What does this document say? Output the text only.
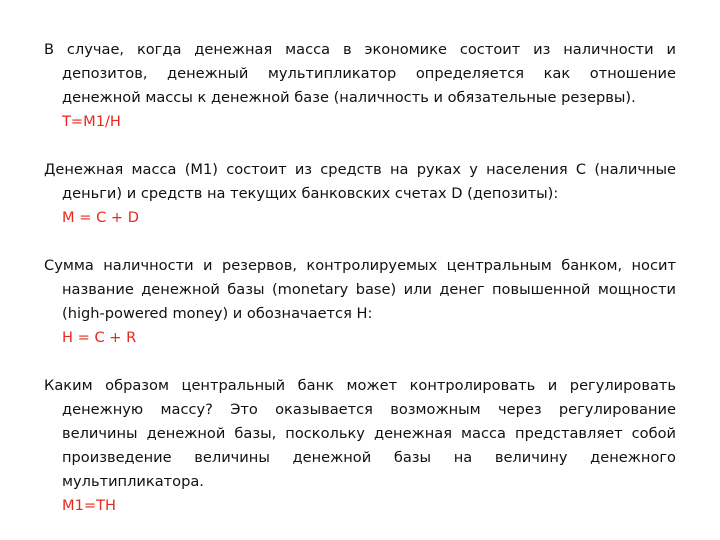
В случае, когда денежная масса в экономике состоит из наличности и депозитов, денежный мультипликатор определяется как отношение денежной массы к денежной базе (наличность и обязательные резервы).

Т=М1/Н

Денежная масса (М1) состоит из средств на руках у населения С (наличные деньги) и средств на текущих банковских счетах D (депозиты):

M = C + D

Сумма наличности и резервов, контролируемых центральным банком, носит название денежной базы (monetary base) или денег повышенной мощности (high-powered money) и обозначается Н:

Н = С + R

Каким образом центральный банк может контролировать и регулировать денежную массу? Это оказывается возможным через регулирование величины денежной базы, поскольку денежная масса представляет собой произведение величины денежной базы на величину денежного мультипликатора.

М1=ТН
